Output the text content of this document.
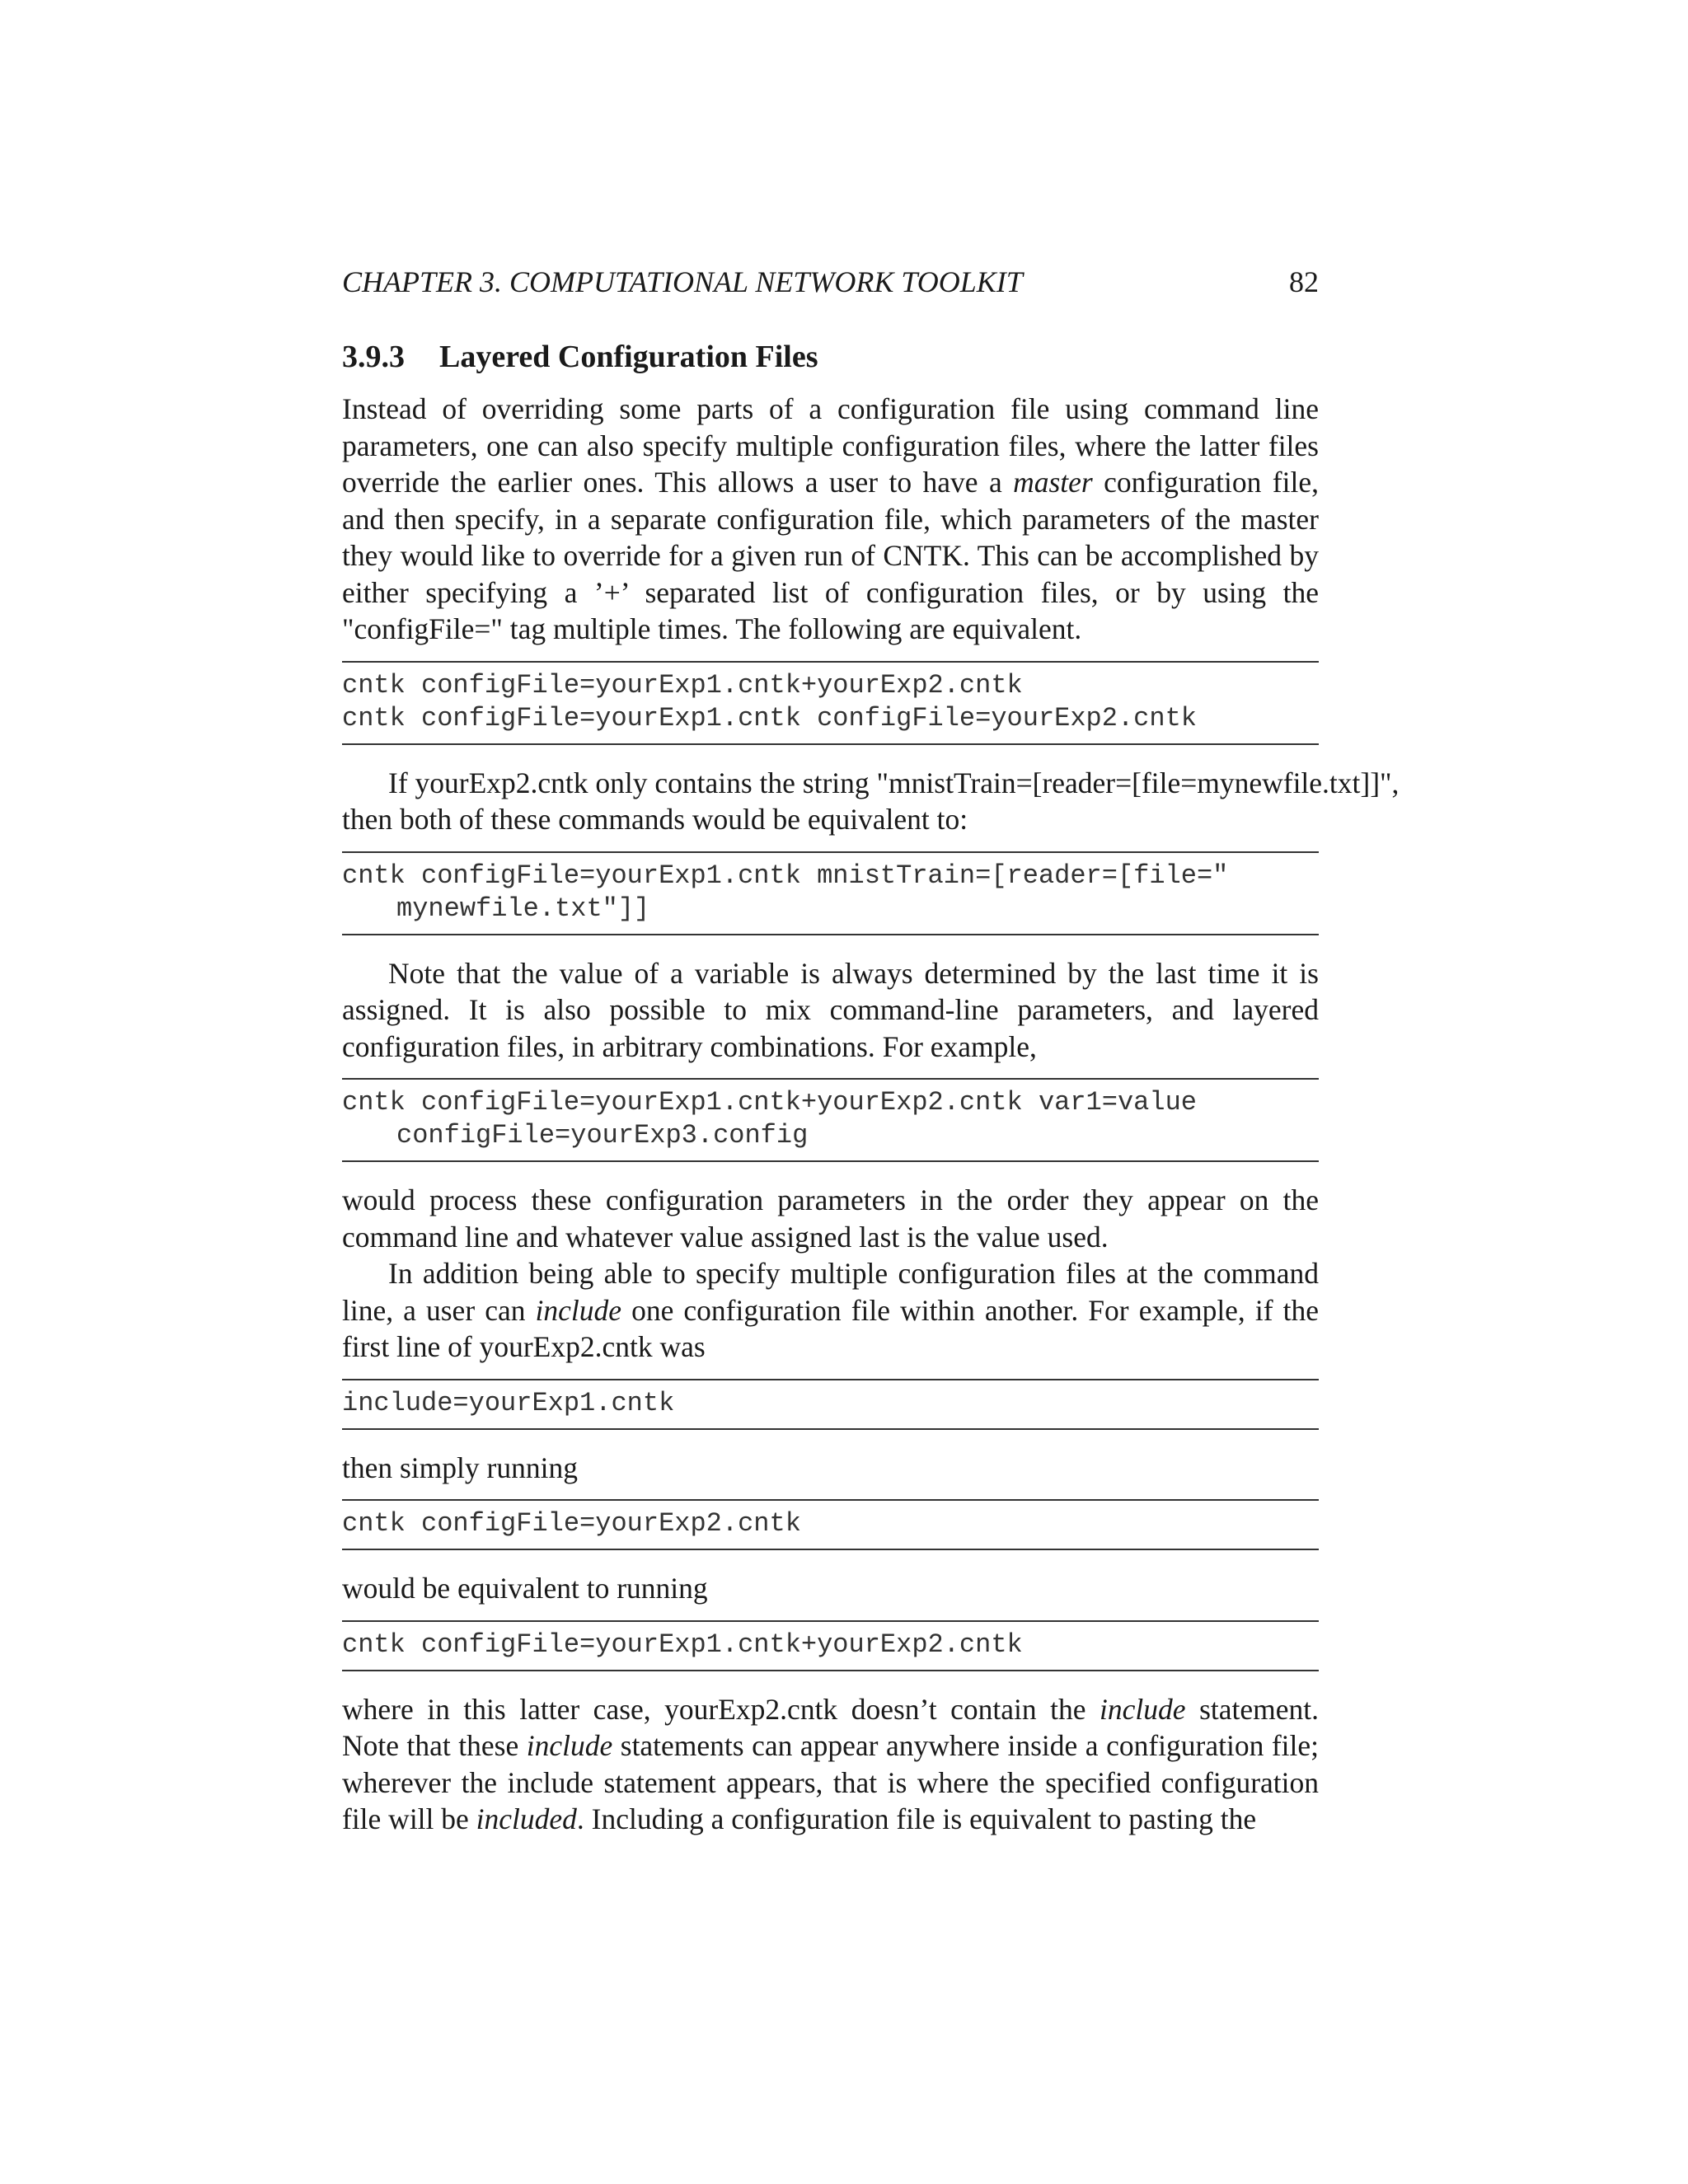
CHAPTER 3. COMPUTATIONAL NETWORK TOOLKIT	82
3.9.3 Layered Configuration Files

Instead of overriding some parts of a configuration file using command line parameters, one can also specify multiple configuration files, where the latter files override the earlier ones. This allows a user to have a master configuration file, and then specify, in a separate configuration file, which parameters of the master they would like to override for a given run of CNTK. This can be accomplished by either specifying a ’+’ separated list of configuration files, or by using the "configFile=" tag multiple times. The following are equivalent.

cntk configFile=yourExp1.cntk+yourExp2.cntk
cntk configFile=yourExp1.cntk configFile=yourExp2.cntk

If yourExp2.cntk only contains the string "mnistTrain=[reader=[file=mynewfile.txt]]",

then both of these commands would be equivalent to:

cntk configFile=yourExp1.cntk mnistTrain=[reader=[file="
mynewfile.txt"]]

Note that the value of a variable is always determined by the last time it is assigned. It is also possible to mix command-line parameters, and layered configuration files, in arbitrary combinations. For example,

cntk configFile=yourExp1.cntk+yourExp2.cntk var1=value
configFile=yourExp3.config

would process these configuration parameters in the order they appear on the command line and whatever value assigned last is the value used.

In addition being able to specify multiple configuration files at the command line, a user can include one configuration file within another. For example, if the first line of yourExp2.cntk was

include=yourExp1.cntk

then simply running

cntk configFile=yourExp2.cntk

would be equivalent to running

cntk configFile=yourExp1.cntk+yourExp2.cntk

where in this latter case, yourExp2.cntk doesn’t contain the include statement. Note that these include statements can appear anywhere inside a configuration file; wherever the include statement appears, that is where the specified configuration file will be included. Including a configuration file is equivalent to pasting the
